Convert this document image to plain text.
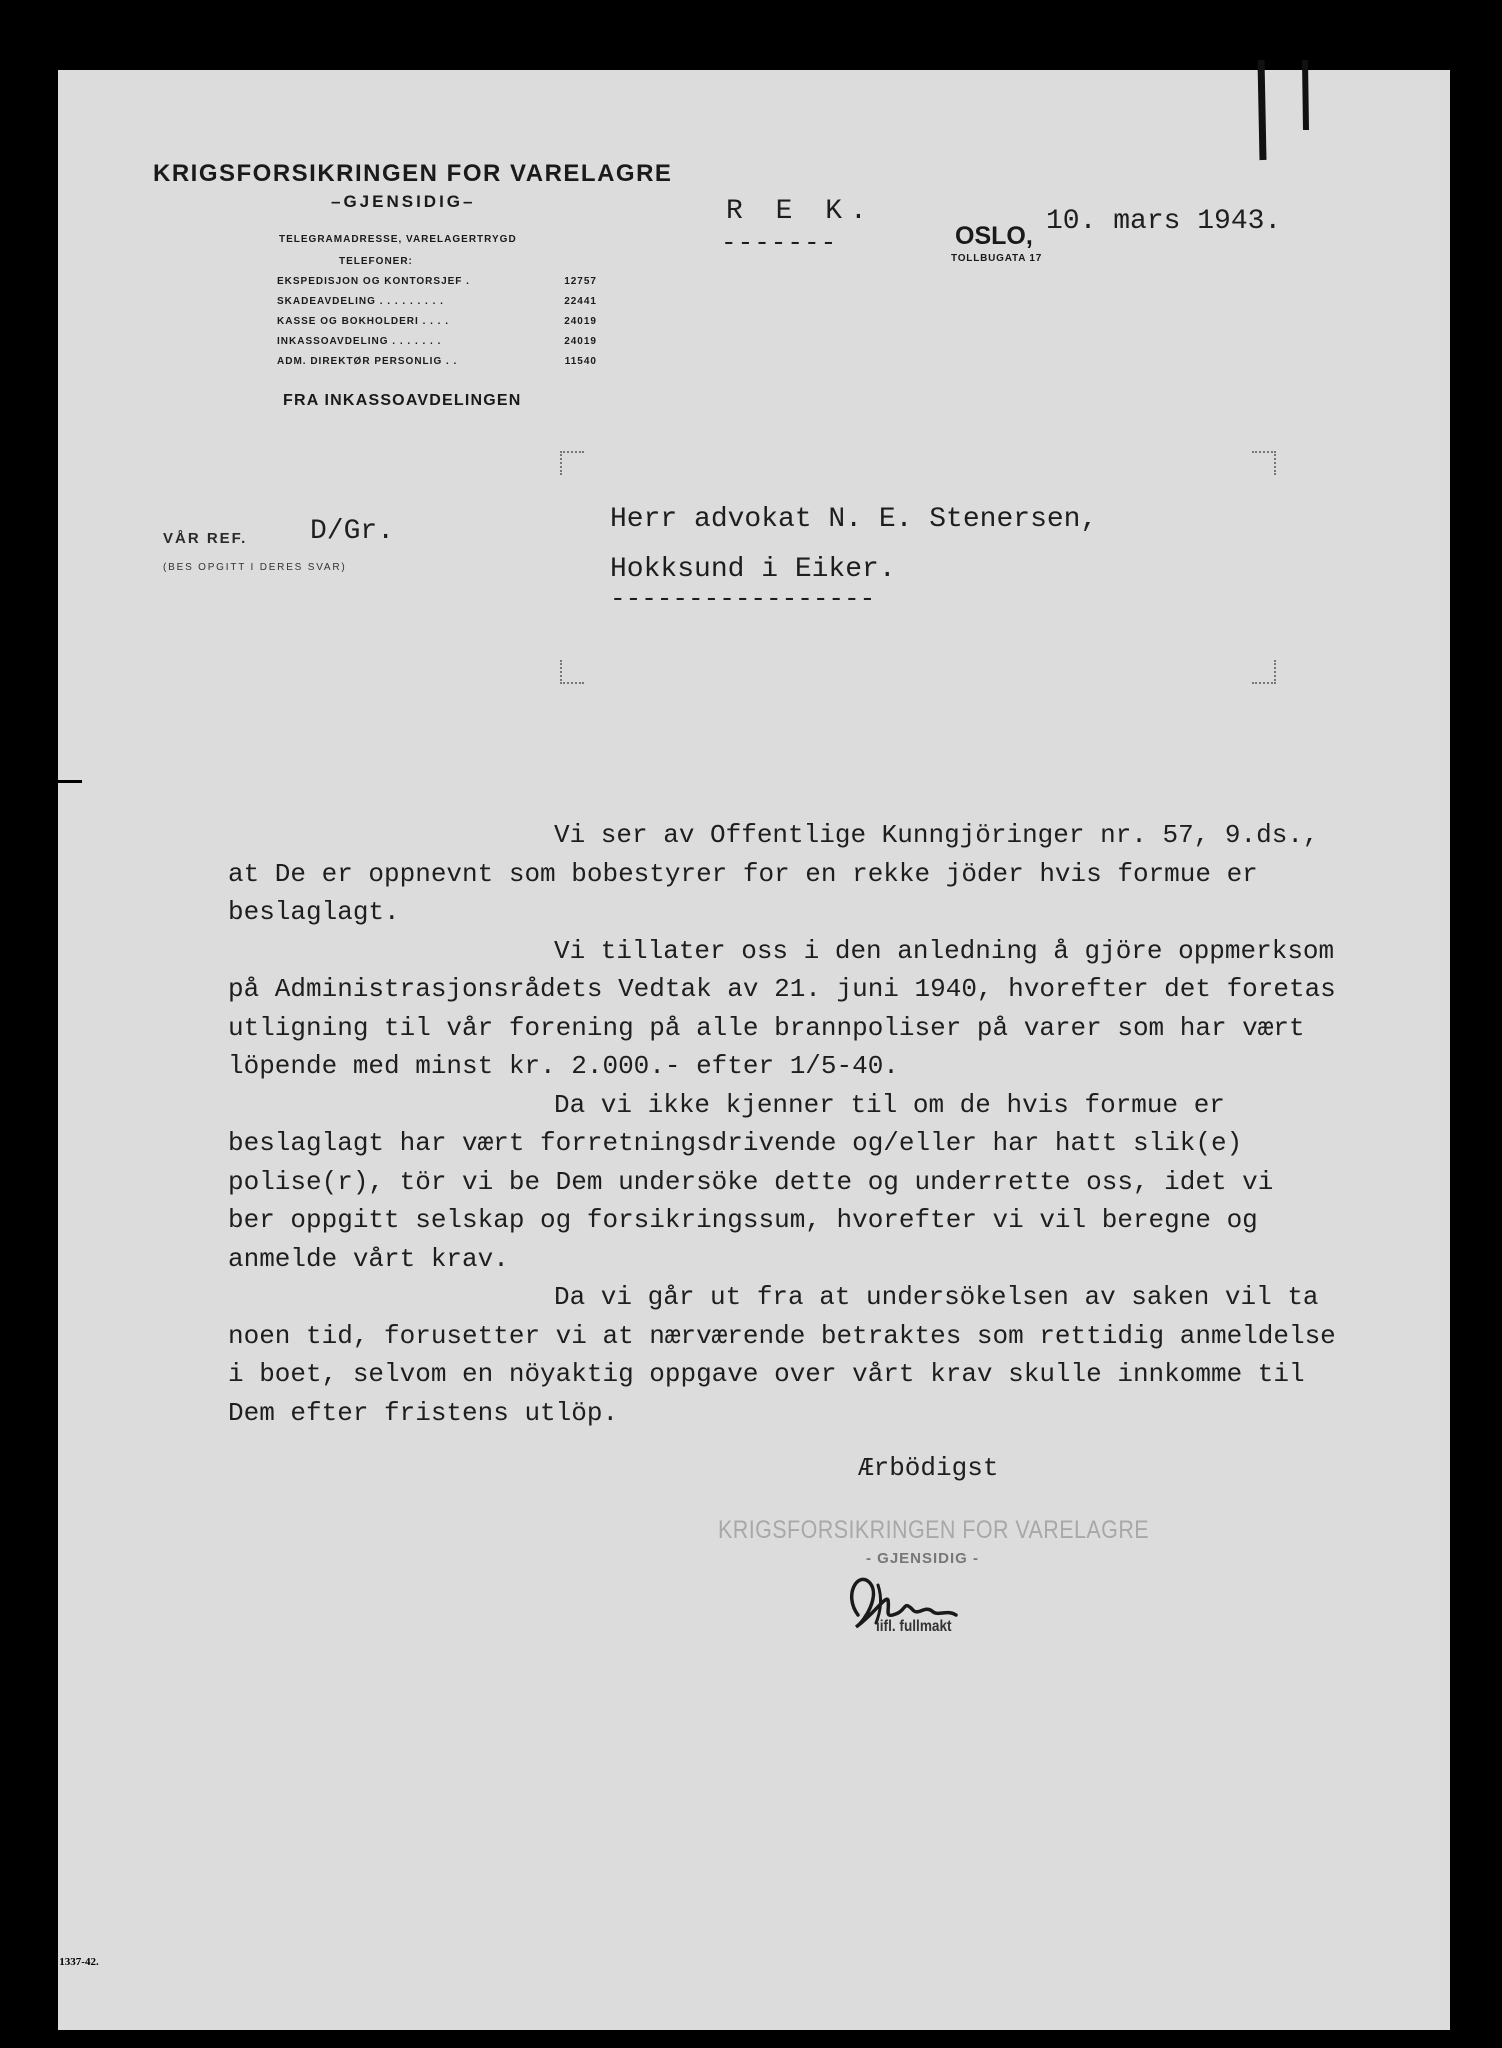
KRIGSFORSIKRINGEN FOR VARELAGRE
–GJENSIDIG–
TELEGRAMADRESSE, VARELAGERTRYGD
TELEFONER:
EKSPEDISJON OG KONTORSJEF .	12757
SKADEAVDELING . . . . . . . . .	22441
KASSE OG BOKHOLDERI . . . .	24019
INKASSOAVDELING . . . . . . .	24019
ADM. DIREKTØR PERSONLIG . .	11540
FRA INKASSOAVDELINGEN
R E K.
-------	OSLO, 10. mars 1943.
TOLLBUGATA 17
Herr advokat N. E. Stenersen,
Hokksund i Eiker.
-----------------
VÅR REF. D/Gr.
(BES OPGITT I DERES SVAR)
Vi ser av Offentlige Kunngjöringer nr. 57, 9.ds.,
at De er oppnevnt som bobestyrer for en rekke jöder hvis formue er
beslaglagt.
Vi tillater oss i den anledning å gjöre oppmerksom
på Administrasjonsrådets Vedtak av 21. juni 1940, hvorefter det foretas
utligning til vår forening på alle brannpoliser på varer som har vært
löpende med minst kr. 2.000.- efter 1/5-40.
Da vi ikke kjenner til om de hvis formue er
beslaglagt har vært forretningsdrivende og/eller har hatt slik(e)
polise(r), tör vi be Dem undersöke dette og underrette oss, idet vi
ber oppgitt selskap og forsikringssum, hvorefter vi vil beregne og
anmelde vårt krav.
Da vi går ut fra at undersökelsen av saken vil ta
noen tid, forusetter vi at nærværende betraktes som rettidig anmeldelse
i boet, selvom en nöyaktig oppgave over vårt krav skulle innkomme til
Dem efter fristens utlöp.
Ærbödigst
KRIGSFORSIKRINGEN FOR VARELAGRE
- GJENSIDIG -
iifl. fullmakt
St. 1337-42.
